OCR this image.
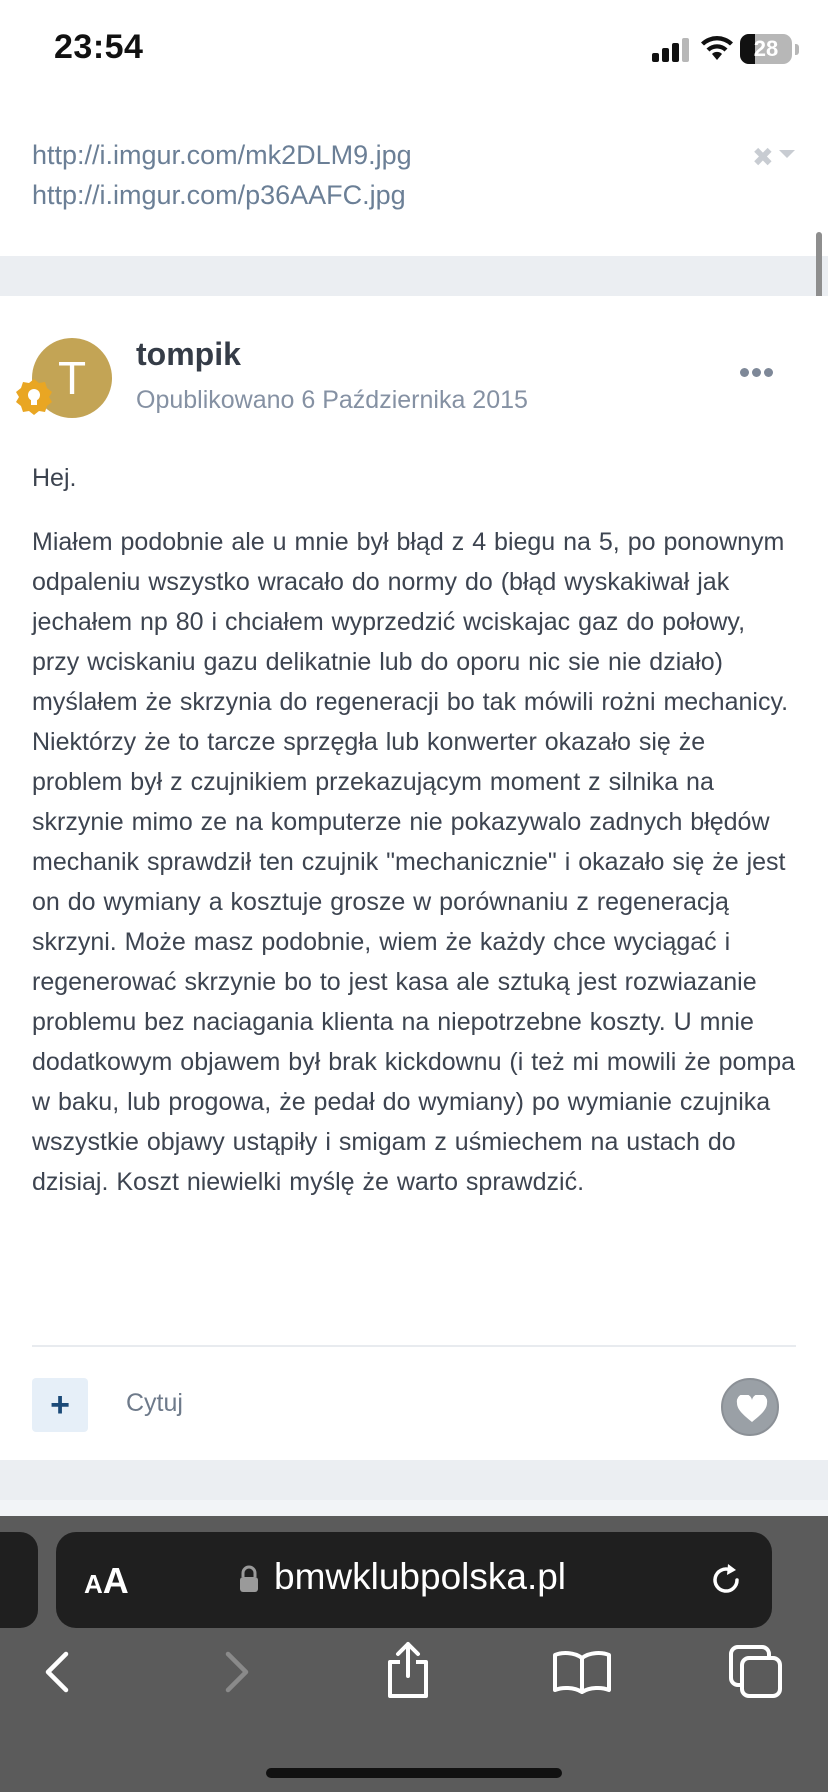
23:54	28
http://i.imgur.com/mk2DLM9.jpg
http://i.imgur.com/p36AAFC.jpg
✖
T	tompik
Opublikowano 6 Października 2015
Hej.
Miałem podobnie ale u mnie był błąd z 4 biegu na 5, po ponownym odpaleniu wszystko wracało do normy do (błąd wyskakiwał jak jechałem np 80 i chciałem wyprzedzić wciskajac gaz do połowy, przy wciskaniu gazu delikatnie lub do oporu nic sie nie działo) myślałem że skrzynia do regeneracji bo tak mówili rożni mechanicy. Niektórzy że to tarcze sprzęgła lub konwerter okazało się że problem był z czujnikiem przekazującym moment z silnika na skrzynie mimo ze na komputerze nie pokazywalo zadnych błędów mechanik sprawdził ten czujnik "mechanicznie" i okazało się że jest on do wymiany a kosztuje grosze w porównaniu z regeneracją skrzyni. Może masz podobnie, wiem że każdy chce wyciągać i regenerować skrzynie bo to jest kasa ale sztuką jest rozwiazanie problemu bez naciagania klienta na niepotrzebne koszty. U mnie dodatkowym objawem był brak kickdownu (i też mi mowili że pompa w baku, lub progowa, że pedał do wymiany) po wymianie czujnika wszystkie objawy ustąpiły i smigam z uśmiechem na ustach do dzisiaj. Koszt niewielki myślę że warto sprawdzić.
+	Cytuj
AA	bmwklubpolska.pl
